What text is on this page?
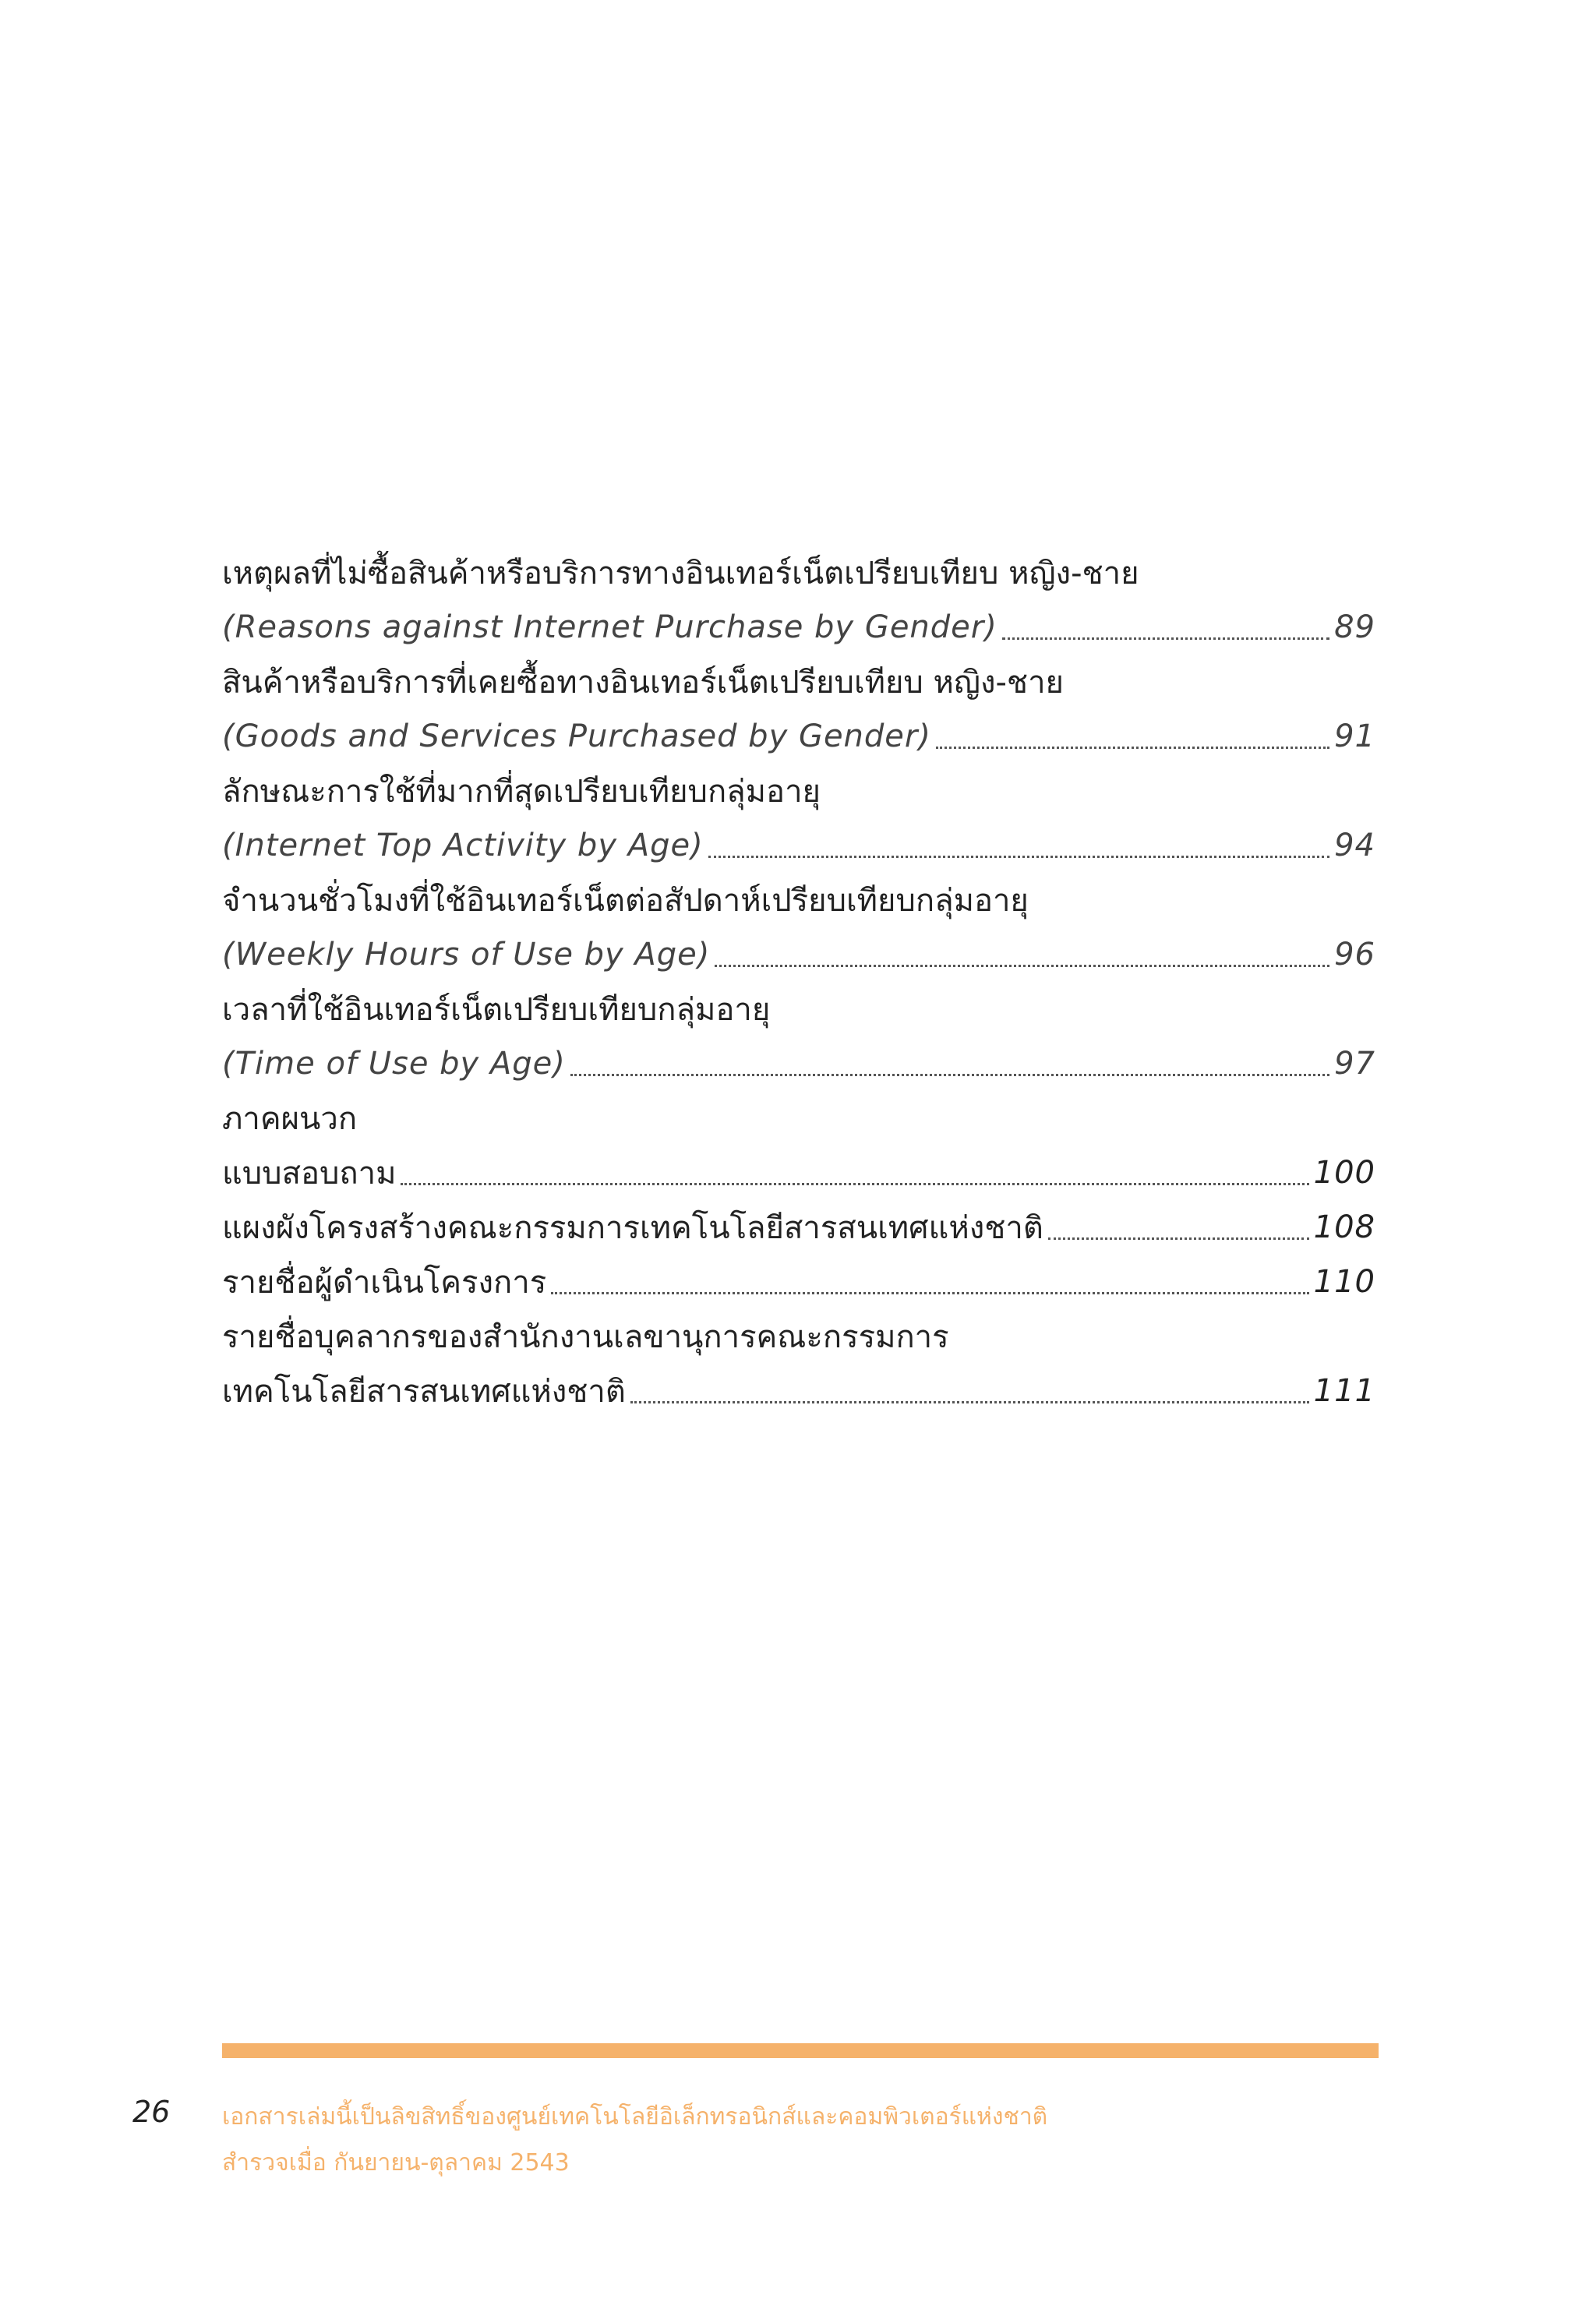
เหตุผลที่ไม่ซื้อสินค้าหรือบริการทางอินเทอร์เน็ตเปรียบเทียบ หญิง-ชาย
(Reasons against Internet Purchase by Gender)	89
สินค้าหรือบริการที่เคยซื้อทางอินเทอร์เน็ตเปรียบเทียบ หญิง-ชาย
(Goods and Services Purchased by Gender)	91
ลักษณะการใช้ที่มากที่สุดเปรียบเทียบกลุ่มอายุ
(Internet Top Activity by Age)	94
จำนวนชั่วโมงที่ใช้อินเทอร์เน็ตต่อสัปดาห์เปรียบเทียบกลุ่มอายุ
(Weekly Hours of Use by Age)	96
เวลาที่ใช้อินเทอร์เน็ตเปรียบเทียบกลุ่มอายุ
(Time of Use by Age)	97
ภาคผนวก
แบบสอบถาม	100
แผงผังโครงสร้างคณะกรรมการเทคโนโลยีสารสนเทศแห่งชาติ	108
รายชื่อผู้ดำเนินโครงการ	110
รายชื่อบุคลากรของสำนักงานเลขานุการคณะกรรมการ
เทคโนโลยีสารสนเทศแห่งชาติ	111
26 เอกสารเล่มนี้เป็นลิขสิทธิ์ของศูนย์เทคโนโลยีอิเล็กทรอนิกส์และคอมพิวเตอร์แห่งชาติ
สำรวจเมื่อ กันยายน-ตุลาคม 2543
